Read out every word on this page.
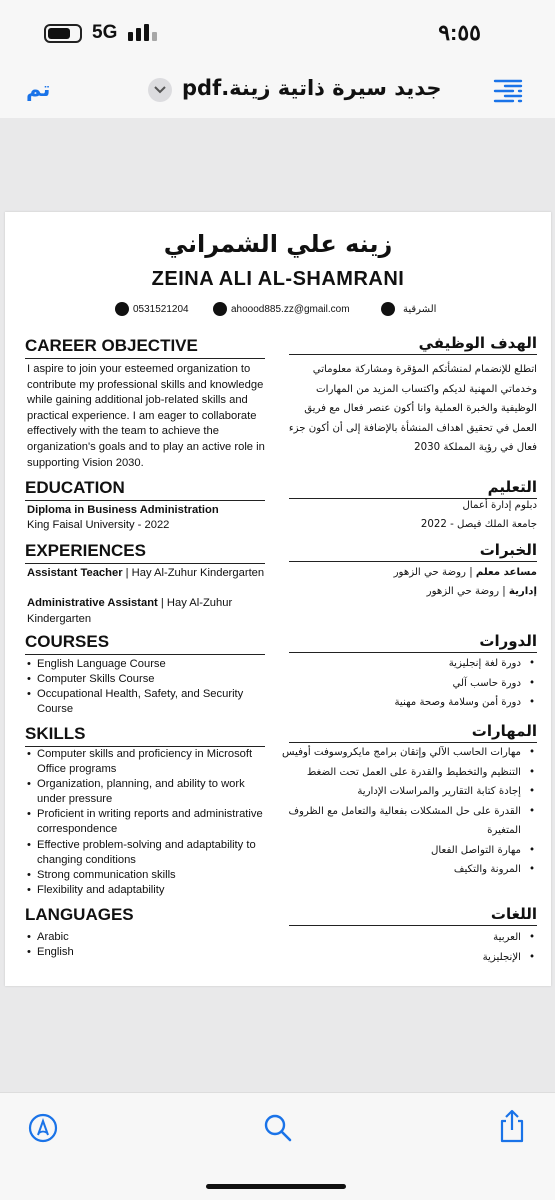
5G	٩:٥٥
تم	جديد سيرة ذاتية زينة.pdf
زينه علي الشمراني
ZEINA ALI AL-SHAMRANI
0531521204	ahoood885.zz@gmail.com	الشرقية
CAREER OBJECTIVE	الهدف الوظيفي
I aspire to join your esteemed organization to contribute my professional skills and knowledge while gaining additional job-related skills and practical experience. I am eager to collaborate effectively with the team to achieve the organization's goals and to play an active role in supporting Vision 2030.
اتطلع للإنضمام لمنشأتكم المؤقرة ومشاركة معلوماتي وخدماتي المهنية لديكم واكتساب المزيد من المهارات الوظيفية والخبرة العملية وانا أكون عنصر فعال مع فريق العمل في تحقيق اهداف المنشأة بالإضافة إلى أن أكون جزء فعال في رؤية المملكة 2030
EDUCATION	التعليم
Diploma in Business Administration
King Faisal University - 2022
دبلوم إدارة أعمال
جامعة الملك فيصل - 2022
EXPERIENCES	الخبرات
Assistant Teacher | Hay Al-Zuhur Kindergarten
Administrative Assistant | Hay Al-Zuhur Kindergarten
مساعد معلم | روضة حي الزهور
إدارية | روضة حي الزهور
COURSES	الدورات
• English Language Course
• Computer Skills Course
• Occupational Health, Safety, and Security Course
• دورة لغة إنجليزية
• دورة حاسب آلي
• دورة أمن وسلامة وصحة مهنية
SKILLS	المهارات
• Computer skills and proficiency in Microsoft Office programs
• Organization, planning, and ability to work under pressure
• Proficient in writing reports and administrative correspondence
• Effective problem-solving and adaptability to changing conditions
• Strong communication skills
• Flexibility and adaptability
• مهارات الحاسب الآلي وإتقان برامج مايكروسوفت أوفيس
• التنظيم والتخطيط والقدرة على العمل تحت الضغط
• إجادة كتابة التقارير والمراسلات الإدارية
• القدرة على حل المشكلات بفعالية والتعامل مع الظروف المتغيرة
• مهارة التواصل الفعال
• المرونة والتكيف
LANGUAGES	اللغات
• Arabic
• English
• العربية
• الإنجليزية
